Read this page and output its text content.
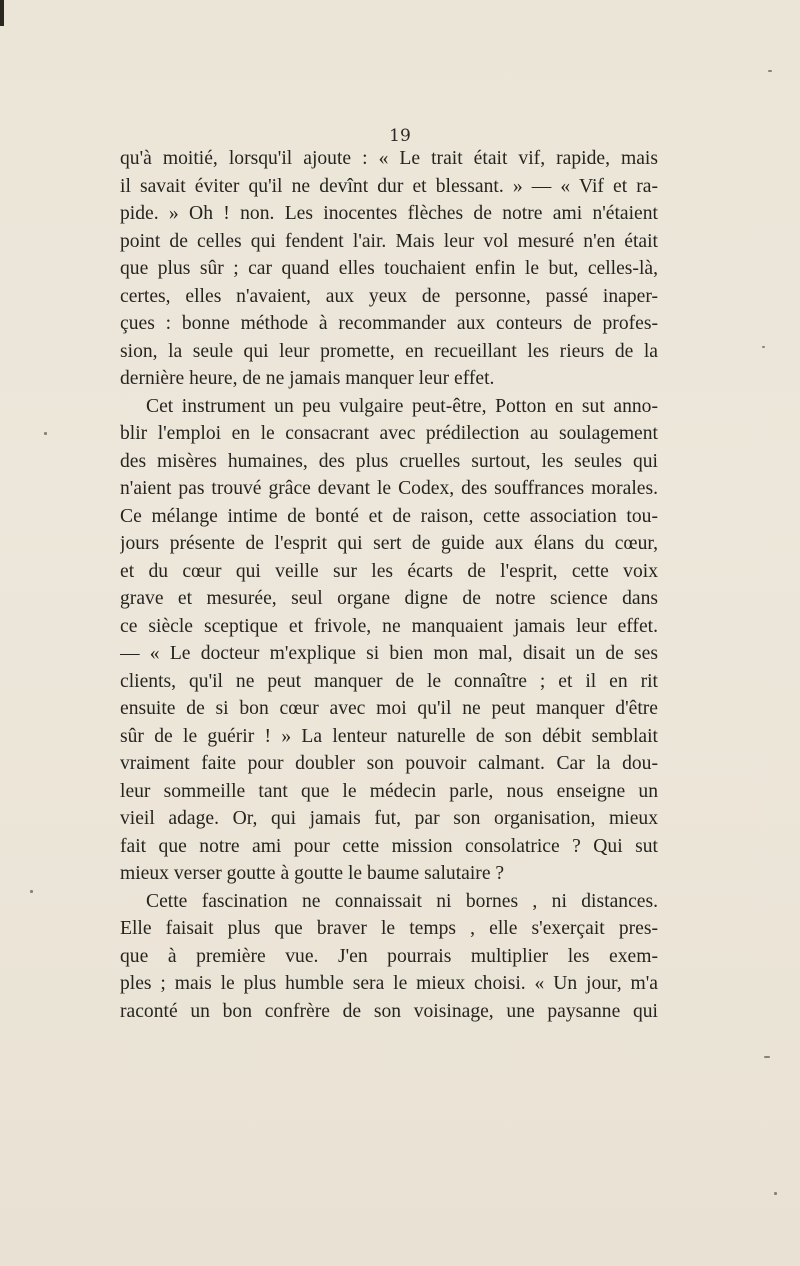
19
qu'à moitié, lorsqu'il ajoute : « Le trait était vif, rapide, mais
il savait éviter qu'il ne devînt dur et blessant. » — « Vif et ra-
pide. » Oh ! non. Les inocentes flèches de notre ami n'étaient
point de celles qui fendent l'air. Mais leur vol mesuré n'en était
que plus sûr ; car quand elles touchaient enfin le but, celles-là,
certes, elles n'avaient, aux yeux de personne, passé inaper-
çues : bonne méthode à recommander aux conteurs de profes-
sion, la seule qui leur promette, en recueillant les rieurs de la
dernière heure, de ne jamais manquer leur effet.
Cet instrument un peu vulgaire peut-être, Potton en sut anno-
blir l'emploi en le consacrant avec prédilection au soulagement
des misères humaines, des plus cruelles surtout, les seules qui
n'aient pas trouvé grâce devant le Codex, des souffrances morales.
Ce mélange intime de bonté et de raison, cette association tou-
jours présente de l'esprit qui sert de guide aux élans du cœur,
et du cœur qui veille sur les écarts de l'esprit, cette voix
grave et mesurée, seul organe digne de notre science dans
ce siècle sceptique et frivole, ne manquaient jamais leur effet.
— « Le docteur m'explique si bien mon mal, disait un de ses
clients, qu'il ne peut manquer de le connaître ; et il en rit
ensuite de si bon cœur avec moi qu'il ne peut manquer d'être
sûr de le guérir ! » La lenteur naturelle de son débit semblait
vraiment faite pour doubler son pouvoir calmant. Car la dou-
leur sommeille tant que le médecin parle, nous enseigne un
vieil adage. Or, qui jamais fut, par son organisation, mieux
fait que notre ami pour cette mission consolatrice ? Qui sut
mieux verser goutte à goutte le baume salutaire ?
Cette fascination ne connaissait ni bornes , ni distances.
Elle faisait plus que braver le temps , elle s'exerçait pres-
que à première vue. J'en pourrais multiplier les exem-
ples ; mais le plus humble sera le mieux choisi. « Un jour, m'a
raconté un bon confrère de son voisinage, une paysanne qui
